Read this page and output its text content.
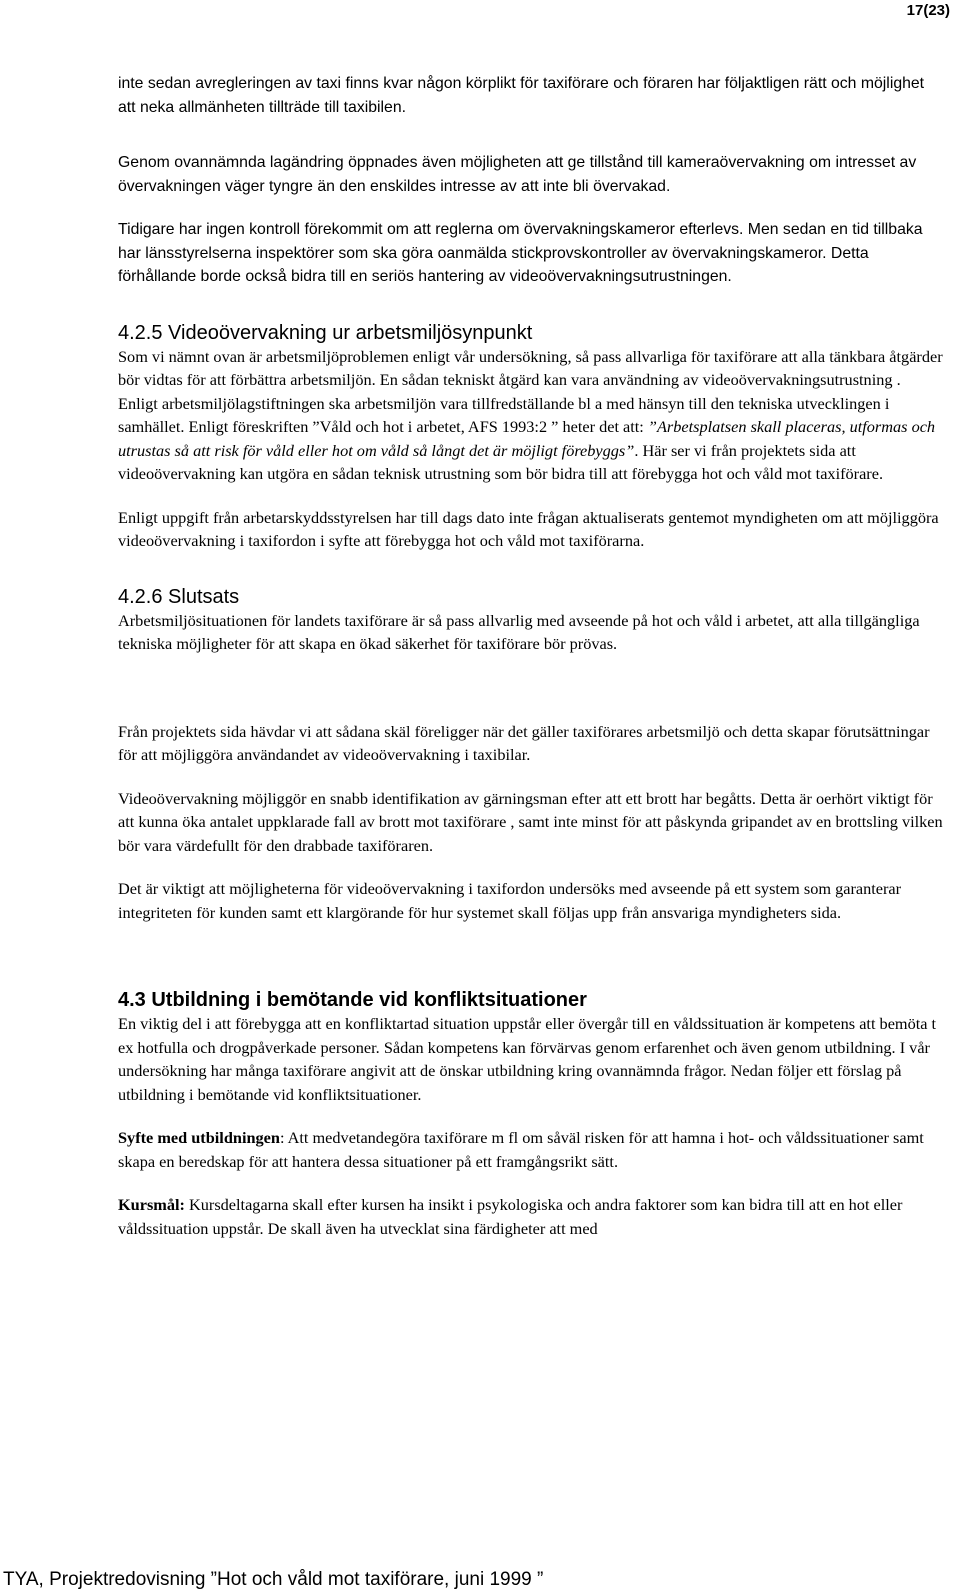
17(23)

inte sedan avregleringen av taxi finns kvar någon körplikt för taxiförare och föraren har följaktligen rätt och möjlighet att neka allmänheten tillträde till taxibilen.

Genom ovannämnda lagändring öppnades även möjligheten att ge tillstånd till kameraövervakning om intresset av övervakningen väger tyngre än den enskildes intresse av att inte bli övervakad.

Tidigare har ingen kontroll förekommit om att reglerna om övervakningskameror efterlevs. Men sedan en tid tillbaka har länsstyrelserna inspektörer som ska göra oanmälda stickprovskontroller av övervakningskameror. Detta förhållande borde också bidra till en seriös hantering av videoövervakningsutrustningen.

4.2.5 Videoövervakning ur arbetsmiljösynpunkt

Som vi nämnt ovan är arbetsmiljöproblemen enligt vår undersökning, så pass allvarliga för taxiförare att alla tänkbara åtgärder bör vidtas för att förbättra arbetsmiljön. En sådan tekniskt åtgärd kan vara användning av videoövervakningsutrustning . Enligt arbetsmiljölagstiftningen ska arbetsmiljön vara tillfredställande bl a med hänsyn till den tekniska utvecklingen i samhället. Enligt föreskriften ”Våld och hot i arbetet, AFS 1993:2 ” heter det att: ”Arbetsplatsen skall placeras, utformas och utrustas så att risk för våld eller hot om våld så långt det är möjligt förebyggs”. Här ser vi från projektets sida att videoövervakning kan utgöra en sådan teknisk utrustning som bör bidra till att förebygga hot och våld mot taxiförare.

Enligt uppgift från arbetarskyddsstyrelsen har till dags dato inte frågan aktualiserats gentemot myndigheten om att möjliggöra videoövervakning i taxifordon i syfte att förebygga hot och våld mot taxiförarna.

4.2.6 Slutsats

Arbetsmiljösituationen för landets taxiförare är så pass allvarlig med avseende på hot och våld i arbetet, att alla tillgängliga tekniska möjligheter för att skapa en ökad säkerhet för taxiförare bör prövas.

Från projektets sida hävdar vi att sådana skäl föreligger när det gäller taxiförares arbetsmiljö och detta skapar förutsättningar för att möjliggöra användandet av videoövervakning i taxibilar.

Videoövervakning möjliggör en snabb identifikation av gärningsman efter att ett brott har begåtts. Detta är oerhört viktigt för att kunna öka antalet uppklarade fall av brott mot taxiförare , samt inte minst för att påskynda gripandet av en brottsling vilken bör vara värdefullt för den drabbade taxiföraren.

Det är viktigt att möjligheterna för videoövervakning i taxifordon undersöks med avseende på ett system som garanterar integriteten för kunden samt ett klargörande för hur systemet skall följas upp från ansvariga myndigheters sida.

4.3 Utbildning i bemötande vid konfliktsituationer

En viktig del i att förebygga att en konfliktartad situation uppstår eller övergår till en våldssituation är kompetens att bemöta t ex hotfulla och drogpåverkade personer. Sådan kompetens kan förvärvas genom erfarenhet och även genom utbildning. I vår undersökning har många taxiförare angivit att de önskar utbildning kring ovannämnda frågor. Nedan följer ett förslag på utbildning i bemötande vid konfliktsituationer.

Syfte med utbildningen: Att medvetandegöra taxiförare m fl om såväl risken för att hamna i hot- och våldssituationer samt skapa en beredskap för att hantera dessa situationer på ett framgångsrikt sätt.

Kursmål: Kursdeltagarna skall efter kursen ha insikt i psykologiska och andra faktorer som kan bidra till att en hot eller våldssituation uppstår. De skall även ha utvecklat sina färdigheter att med

TYA, Projektredovisning ”Hot och våld mot taxiförare, juni 1999 ”
